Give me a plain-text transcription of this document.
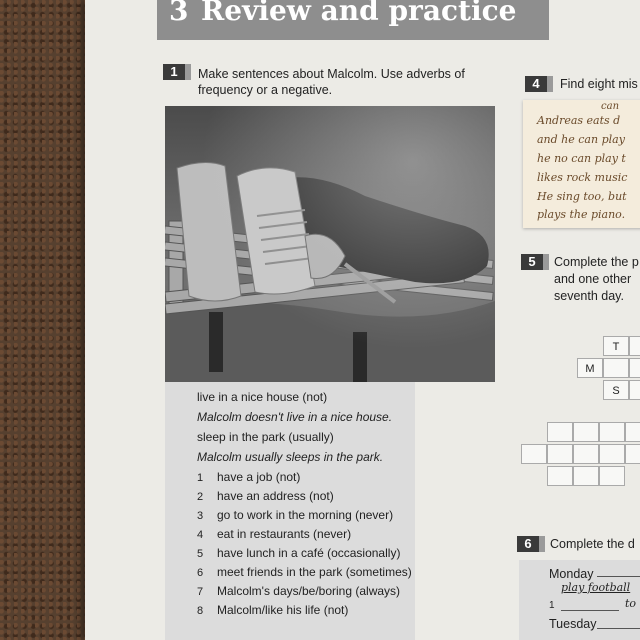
3 Review and practice
1	Make sentences about Malcolm. Use adverbs of
frequency or a negative.
live in a nice house (not)
Malcolm doesn't live in a nice house.
sleep in the park (usually)
Malcolm usually sleeps in the park.
1 have a job (not)
2 have an address (not)
3 go to work in the morning (never)
4 eat in restaurants (never)
5 have lunch in a café (occasionally)
6 meet friends in the park (sometimes)
7 Malcolm's days/be/boring (always)
8 Malcolm/like his life (not)
4	Find eight mis
can
Andreas eats d
and he can play
he no can play t
likes rock music
He sing too, but
plays the piano.
5	Complete the p
and one other
seventh day.
T
M
S
6	Complete the d
Monday
play football
1	to
Tuesday
